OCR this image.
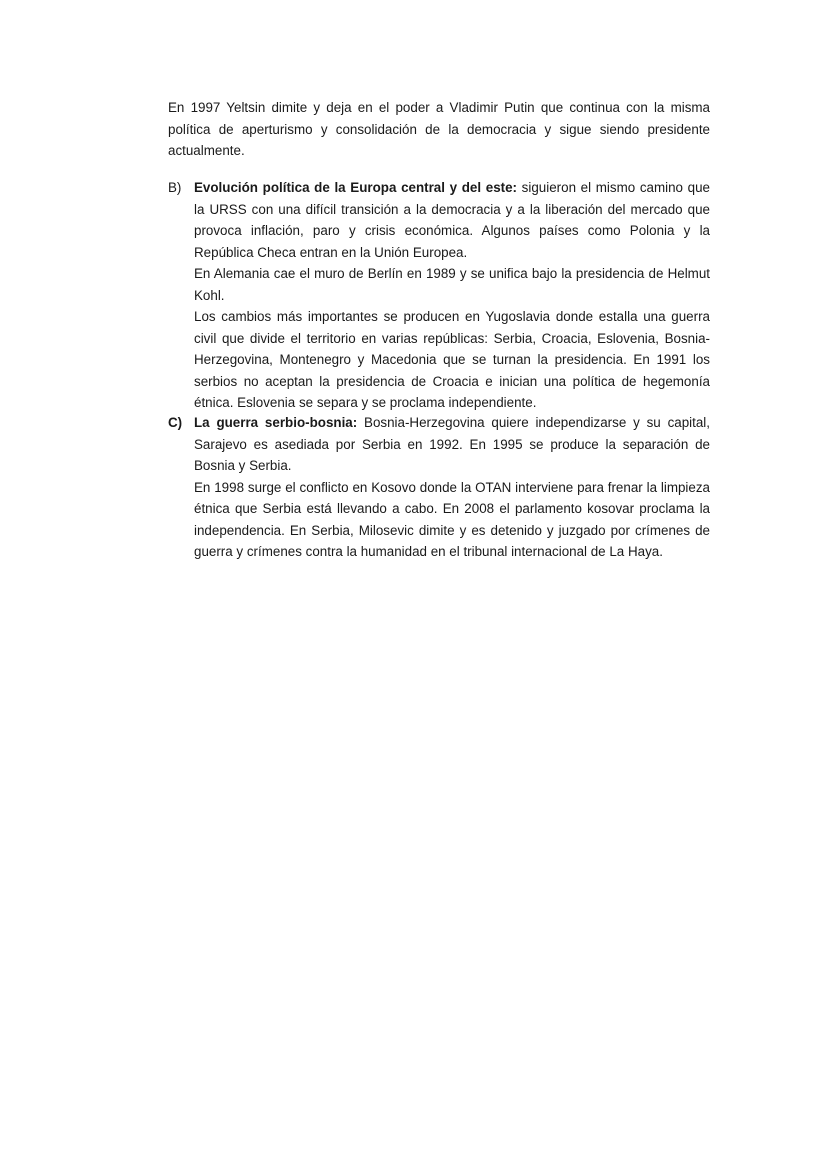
En 1997 Yeltsin dimite y deja en el poder a Vladimir Putin que continua con la misma política de aperturismo y consolidación de la democracia y sigue siendo presidente actualmente.

B) Evolución política de la Europa central y del este: siguieron el mismo camino que la URSS con una difícil transición a la democracia y a la liberación del mercado que provoca inflación, paro y crisis económica. Algunos países como Polonia y la República Checa entran en la Unión Europea.

En Alemania cae el muro de Berlín en 1989 y se unifica bajo la presidencia de Helmut Kohl.

Los cambios más importantes se producen en Yugoslavia donde estalla una guerra civil que divide el territorio en varias repúblicas: Serbia, Croacia, Eslovenia, Bosnia-Herzegovina, Montenegro y Macedonia que se turnan la presidencia. En 1991 los serbios no aceptan la presidencia de Croacia e inician una política de hegemonía étnica. Eslovenia se separa y se proclama independiente.

C) La guerra serbio-bosnia: Bosnia-Herzegovina quiere independizarse y su capital, Sarajevo es asediada por Serbia en 1992. En 1995 se produce la separación de Bosnia y Serbia.

En 1998 surge el conflicto en Kosovo donde la OTAN interviene para frenar la limpieza étnica que Serbia está llevando a cabo. En 2008 el parlamento kosovar proclama la independencia. En Serbia, Milosevic dimite y es detenido y juzgado por crímenes de guerra y crímenes contra la humanidad en el tribunal internacional de La Haya.
